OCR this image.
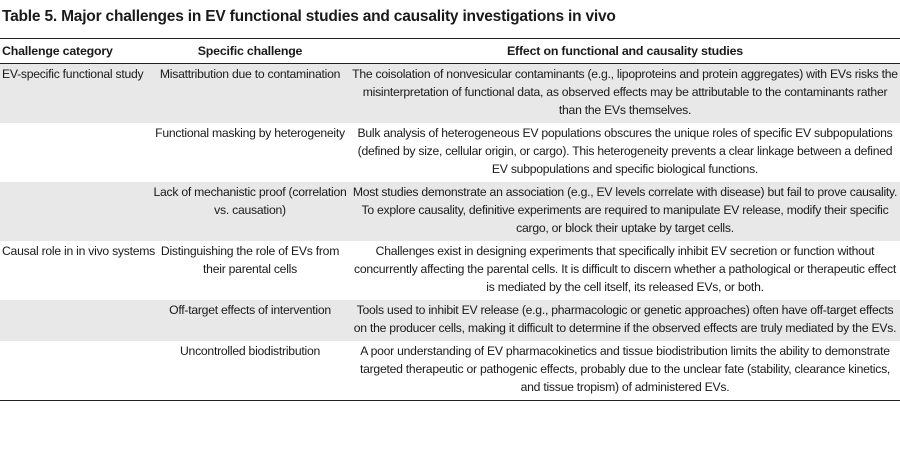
Table 5. Major challenges in EV functional studies and causality investigations in vivo
Challenge category	Specific challenge	Effect on functional and causality studies
EV-specific functional study	Misattribution due to contamination	The coisolation of nonvesicular contaminants (e.g., lipoproteins and protein aggregates) with EVs risks the misinterpretation of functional data, as observed effects may be attributable to the contaminants rather than the EVs themselves.
	Functional masking by heterogeneity	Bulk analysis of heterogeneous EV populations obscures the unique roles of specific EV subpopulations (defined by size, cellular origin, or cargo). This heterogeneity prevents a clear linkage between a defined EV subpopulations and specific biological functions.
	Lack of mechanistic proof (correlation vs. causation)	Most studies demonstrate an association (e.g., EV levels correlate with disease) but fail to prove causality. To explore causality, definitive experiments are required to manipulate EV release, modify their specific cargo, or block their uptake by target cells.
Causal role in in vivo systems	Distinguishing the role of EVs from their parental cells	Challenges exist in designing experiments that specifically inhibit EV secretion or function without concurrently affecting the parental cells. It is difficult to discern whether a pathological or therapeutic effect is mediated by the cell itself, its released EVs, or both.
	Off-target effects of intervention	Tools used to inhibit EV release (e.g., pharmacologic or genetic approaches) often have off-target effects on the producer cells, making it difficult to determine if the observed effects are truly mediated by the EVs.
	Uncontrolled biodistribution	A poor understanding of EV pharmacokinetics and tissue biodistribution limits the ability to demonstrate targeted therapeutic or pathogenic effects, probably due to the unclear fate (stability, clearance kinetics, and tissue tropism) of administered EVs.
